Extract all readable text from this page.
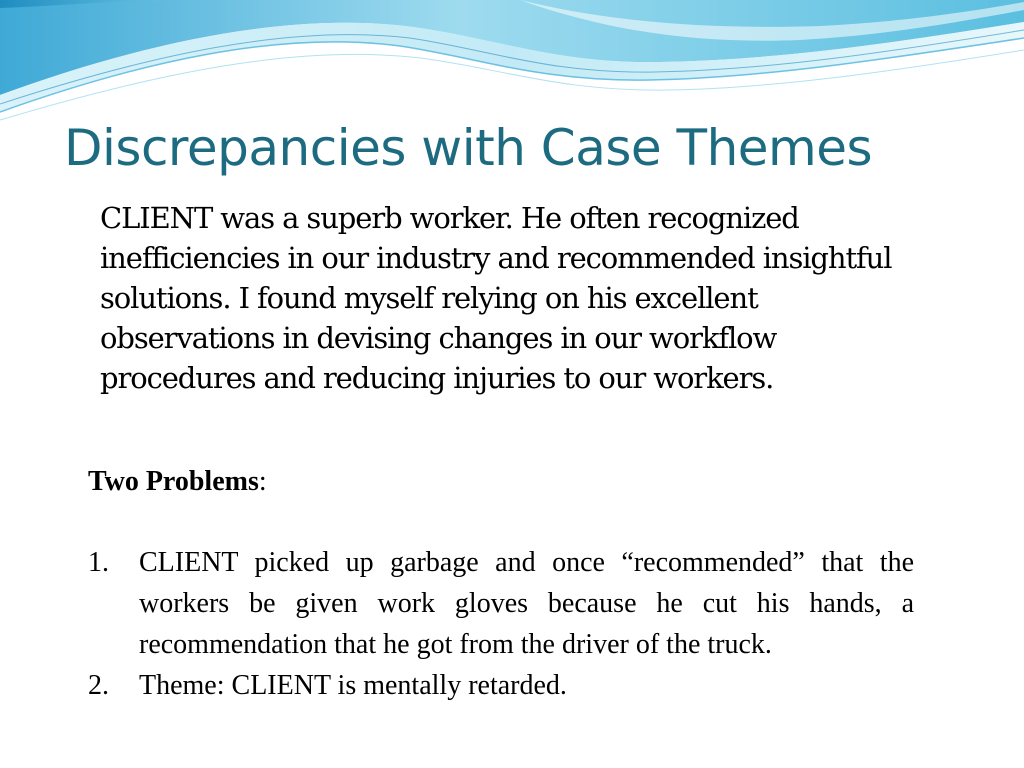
Discrepancies with Case Themes

CLIENT was a superb worker. He often recognized inefficiencies in our industry and recommended insightful solutions. I found myself relying on his excellent observations in devising changes in our workflow procedures and reducing injuries to our workers.

Two Problems:

1.	CLIENT picked up garbage and once “recommended” that the workers be given work gloves because he cut his hands, a recommendation that he got from the driver of the truck.
2.	Theme: CLIENT is mentally retarded.
